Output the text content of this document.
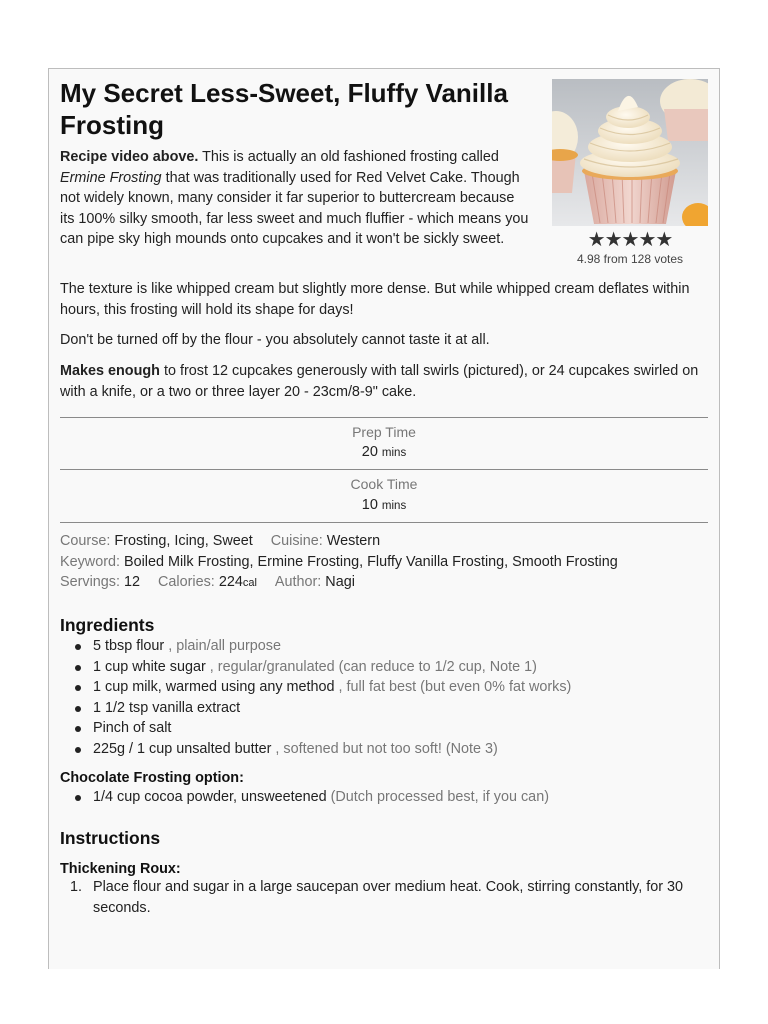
My Secret Less-Sweet, Fluffy Vanilla Frosting
★★★★★
4.98 from 128 votes

Recipe video above. This is actually an old fashioned frosting called Ermine Frosting that was traditionally used for Red Velvet Cake. Though not widely known, many consider it far superior to buttercream because its 100% silky smooth, far less sweet and much fluffier - which means you can pipe sky high mounds onto cupcakes and it won't be sickly sweet.

The texture is like whipped cream but slightly more dense. But while whipped cream deflates within hours, this frosting will hold its shape for days!

Don't be turned off by the flour - you absolutely cannot taste it at all.

Makes enough to frost 12 cupcakes generously with tall swirls (pictured), or 24 cupcakes swirled on with a knife, or a two or three layer 20 - 23cm/8-9" cake.

Prep Time
20 mins
Cook Time
10 mins
Course: Frosting, Icing, Sweet Cuisine: Western
Keyword: Boiled Milk Frosting, Ermine Frosting, Fluffy Vanilla Frosting, Smooth Frosting
Servings: 12 Calories: 224cal Author: Nagi
Ingredients
5 tbsp flour , plain/all purpose
1 cup white sugar , regular/granulated (can reduce to 1/2 cup, Note 1)
1 cup milk, warmed using any method , full fat best (but even 0% fat works)
1 1/2 tsp vanilla extract
Pinch of salt
225g / 1 cup unsalted butter , softened but not too soft! (Note 3)
Chocolate Frosting option:
1/4 cup cocoa powder, unsweetened (Dutch processed best, if you can)
Instructions
Thickening Roux:
1. Place flour and sugar in a large saucepan over medium heat. Cook, stirring constantly, for 30 seconds.
